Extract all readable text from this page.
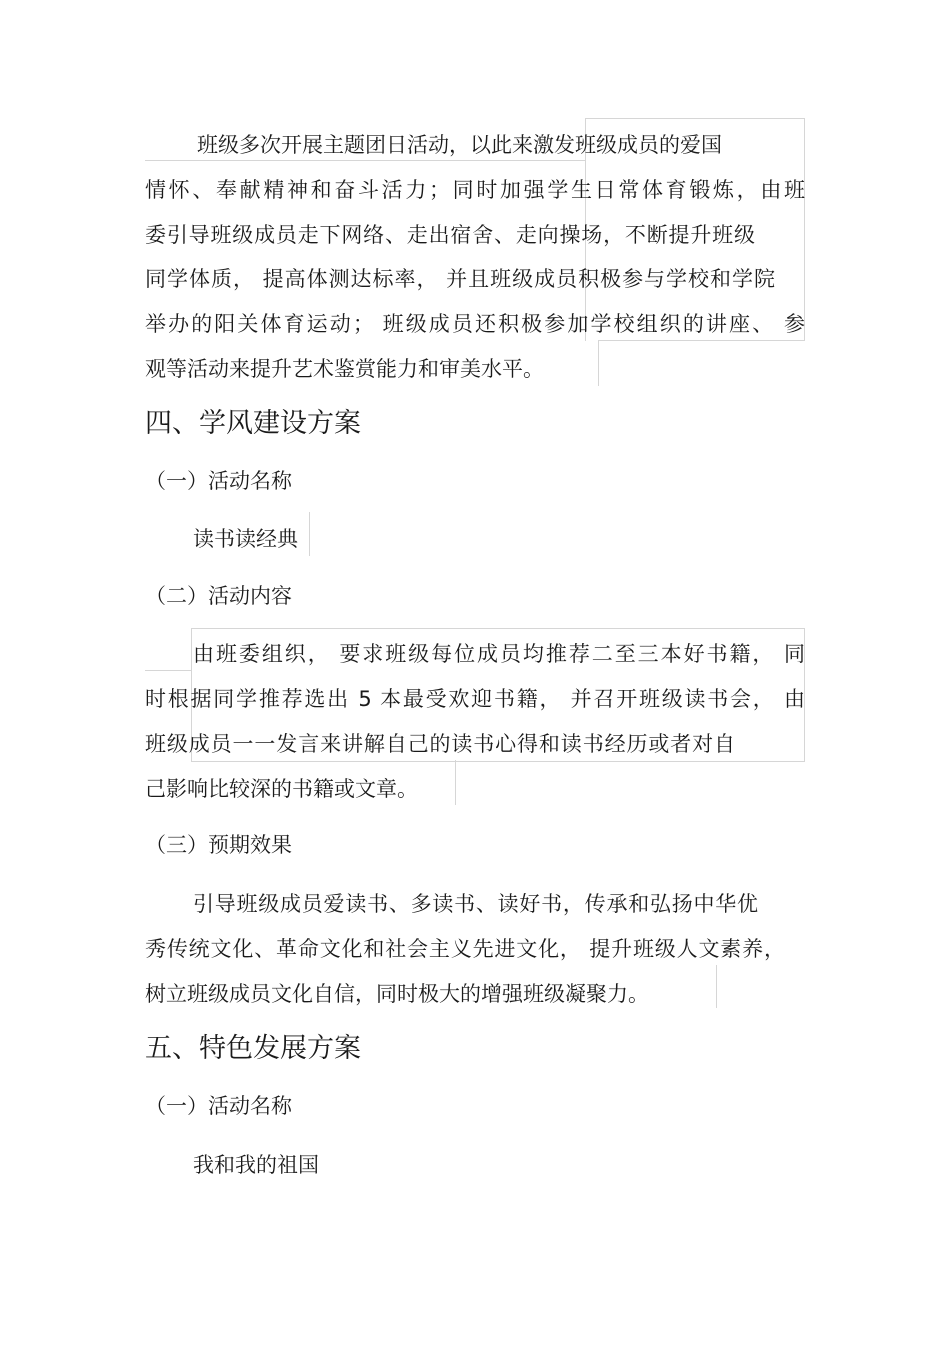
班级多次开展主题团日活动，以此来激发班级成员的爱国
情怀、奉献精神和奋斗活力；同时加强学生日常体育锻炼，由班
委引导班级成员走下网络、走出宿舍、走向操场，不断提升班级
同学体质， 提高体测达标率， 并且班级成员积极参与学校和学院
举办的阳关体育运动； 班级成员还积极参加学校组织的讲座、 参
观等活动来提升艺术鉴赏能力和审美水平。
四、学风建设方案
（一）活动名称
读书读经典
（二）活动内容
由班委组织， 要求班级每位成员均推荐二至三本好书籍， 同
时根据同学推荐选出 5 本最受欢迎书籍， 并召开班级读书会， 由
班级成员一一发言来讲解自己的读书心得和读书经历或者对自
己影响比较深的书籍或文章。
（三）预期效果
引导班级成员爱读书、多读书、读好书，传承和弘扬中华优
秀传统文化、革命文化和社会主义先进文化， 提升班级人文素养，
树立班级成员文化自信，同时极大的增强班级凝聚力。
五、特色发展方案
（一）活动名称
我和我的祖国
